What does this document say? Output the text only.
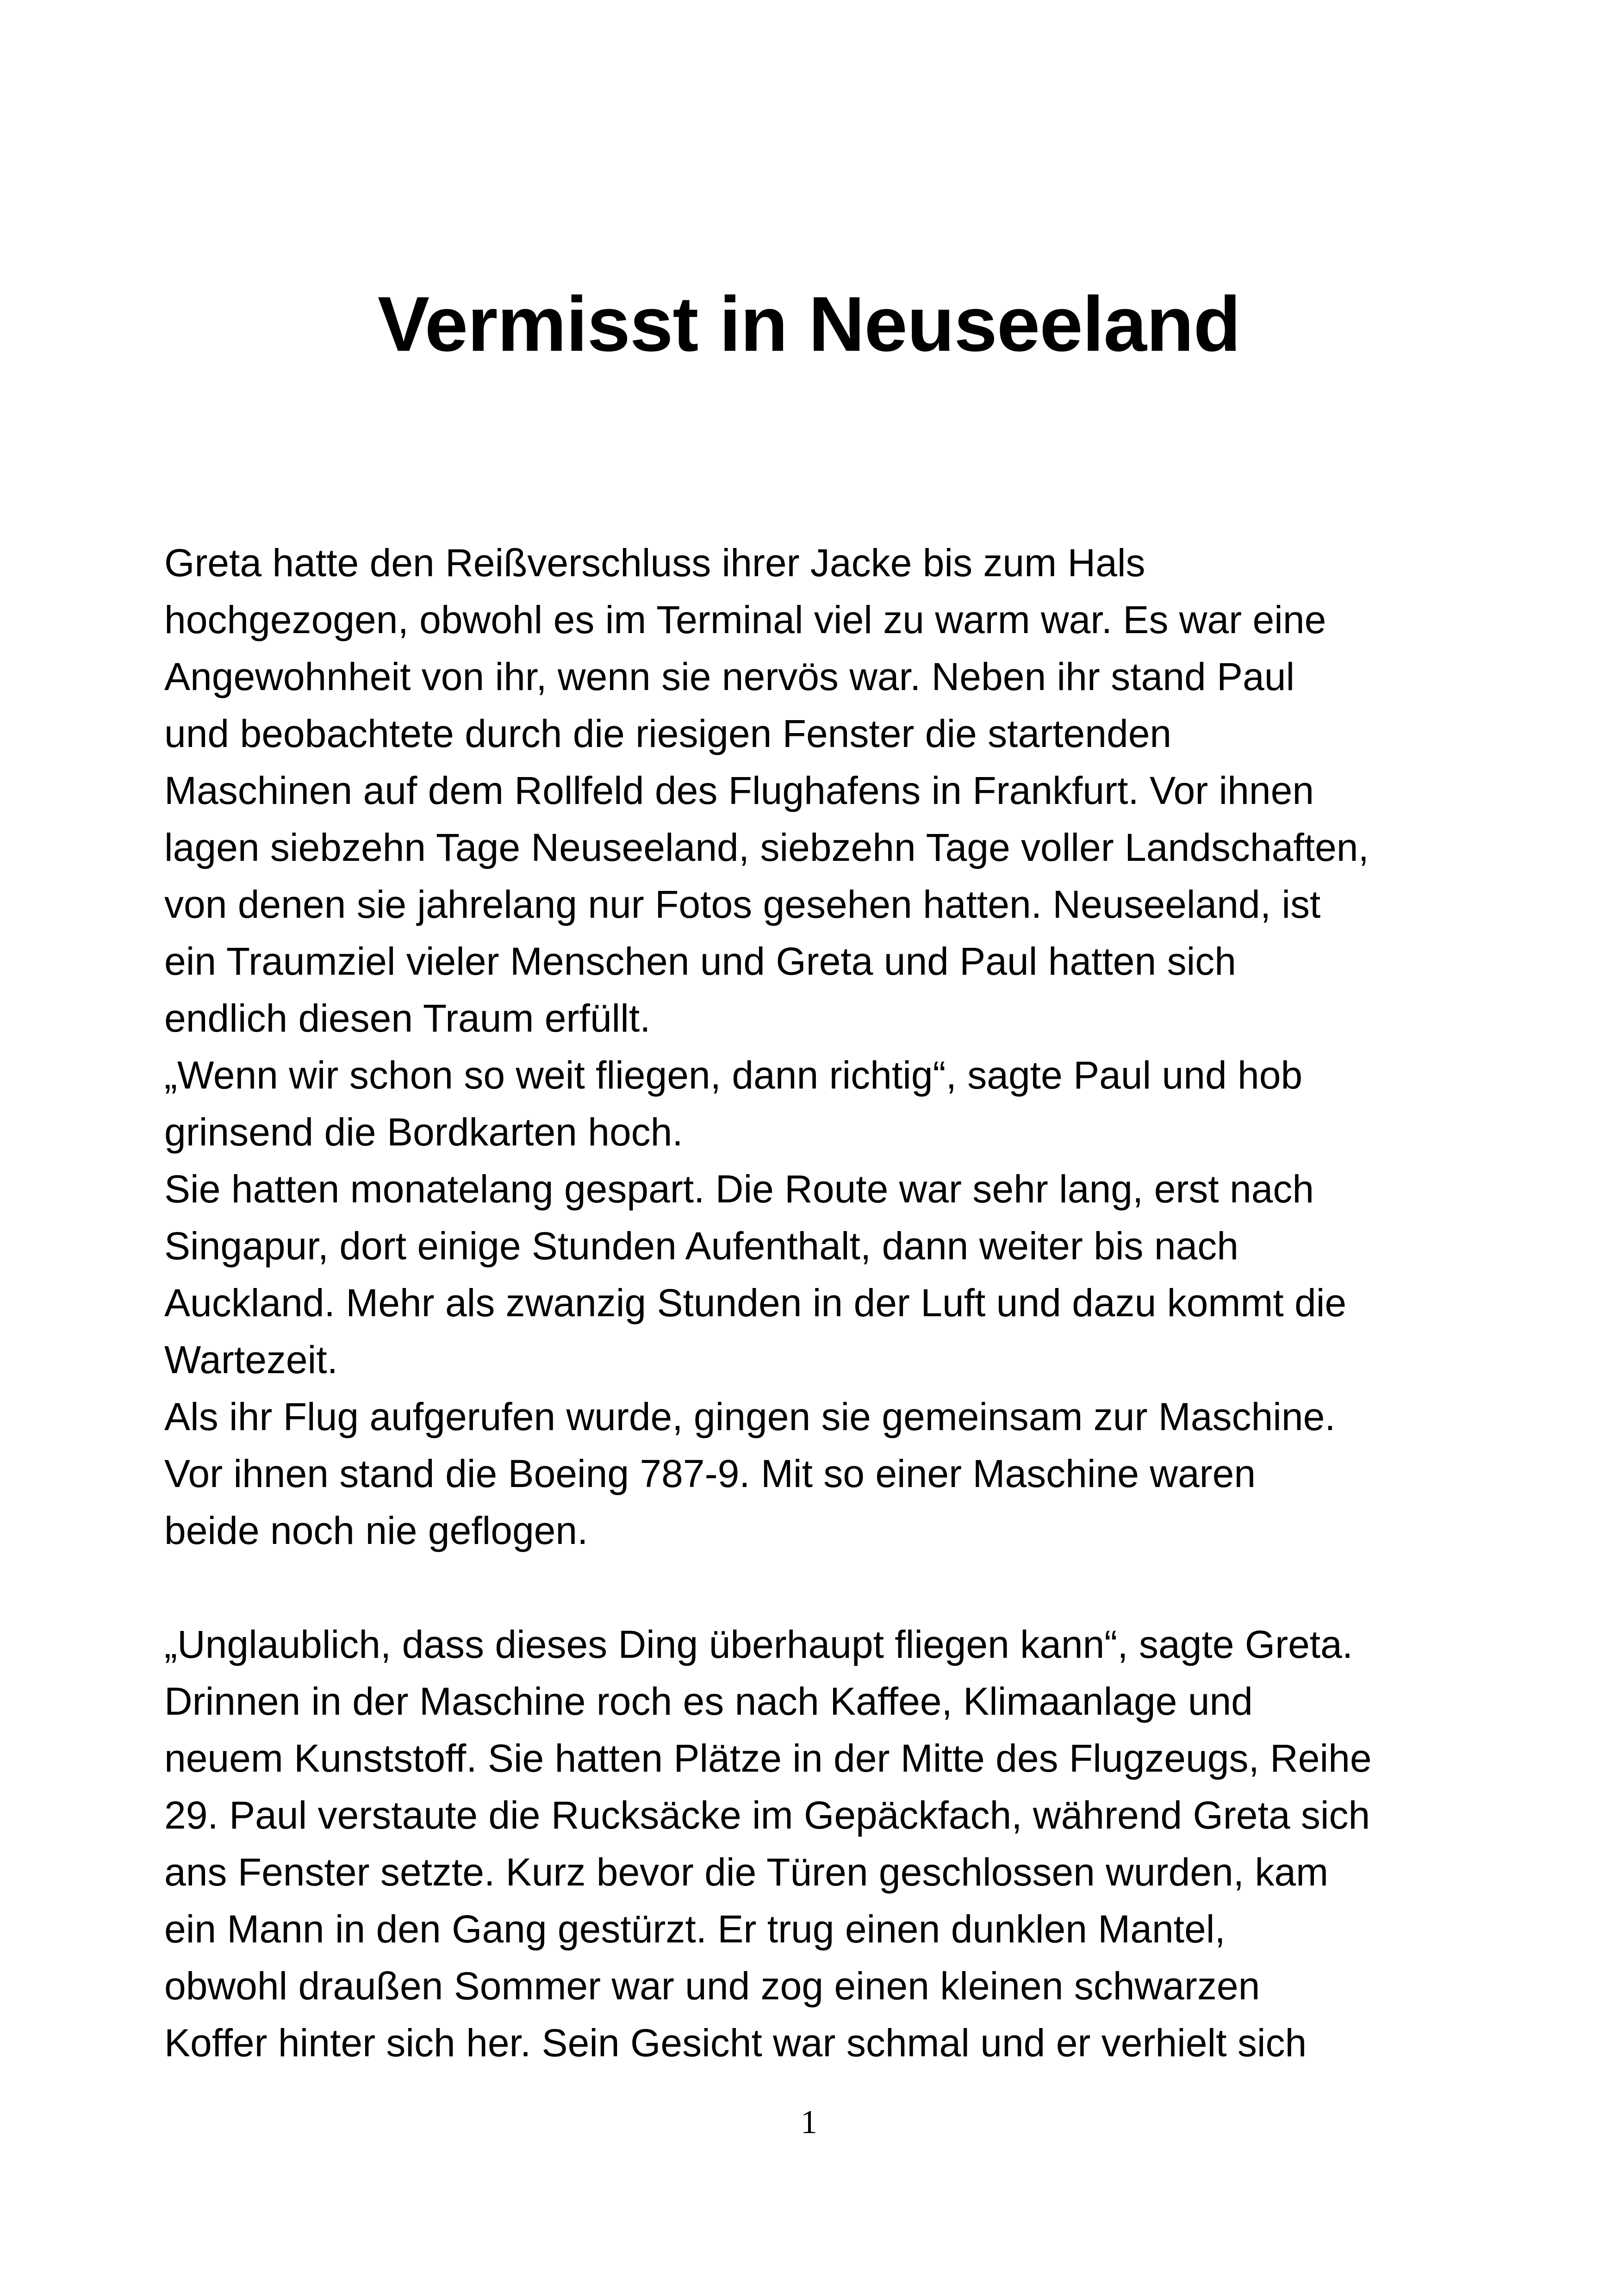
Vermisst in Neuseeland
Greta hatte den Reißverschluss ihrer Jacke bis zum Hals
hochgezogen, obwohl es im Terminal viel zu warm war. Es war eine
Angewohnheit von ihr, wenn sie nervös war. Neben ihr stand Paul
und beobachtete durch die riesigen Fenster die startenden
Maschinen auf dem Rollfeld des Flughafens in Frankfurt. Vor ihnen
lagen siebzehn Tage Neuseeland, siebzehn Tage voller Landschaften,
von denen sie jahrelang nur Fotos gesehen hatten. Neuseeland, ist
ein Traumziel vieler Menschen und Greta und Paul hatten sich
endlich diesen Traum erfüllt.
„Wenn wir schon so weit fliegen, dann richtig“, sagte Paul und hob
grinsend die Bordkarten hoch.
Sie hatten monatelang gespart. Die Route war sehr lang, erst nach
Singapur, dort einige Stunden Aufenthalt, dann weiter bis nach
Auckland. Mehr als zwanzig Stunden in der Luft und dazu kommt die
Wartezeit.
Als ihr Flug aufgerufen wurde, gingen sie gemeinsam zur Maschine.
Vor ihnen stand die Boeing 787-9. Mit so einer Maschine waren
beide noch nie geflogen.
„Unglaublich, dass dieses Ding überhaupt fliegen kann“, sagte Greta.
Drinnen in der Maschine roch es nach Kaffee, Klimaanlage und
neuem Kunststoff. Sie hatten Plätze in der Mitte des Flugzeugs, Reihe
29. Paul verstaute die Rucksäcke im Gepäckfach, während Greta sich
ans Fenster setzte. Kurz bevor die Türen geschlossen wurden, kam
ein Mann in den Gang gestürzt. Er trug einen dunklen Mantel,
obwohl draußen Sommer war und zog einen kleinen schwarzen
Koffer hinter sich her. Sein Gesicht war schmal und er verhielt sich
1
